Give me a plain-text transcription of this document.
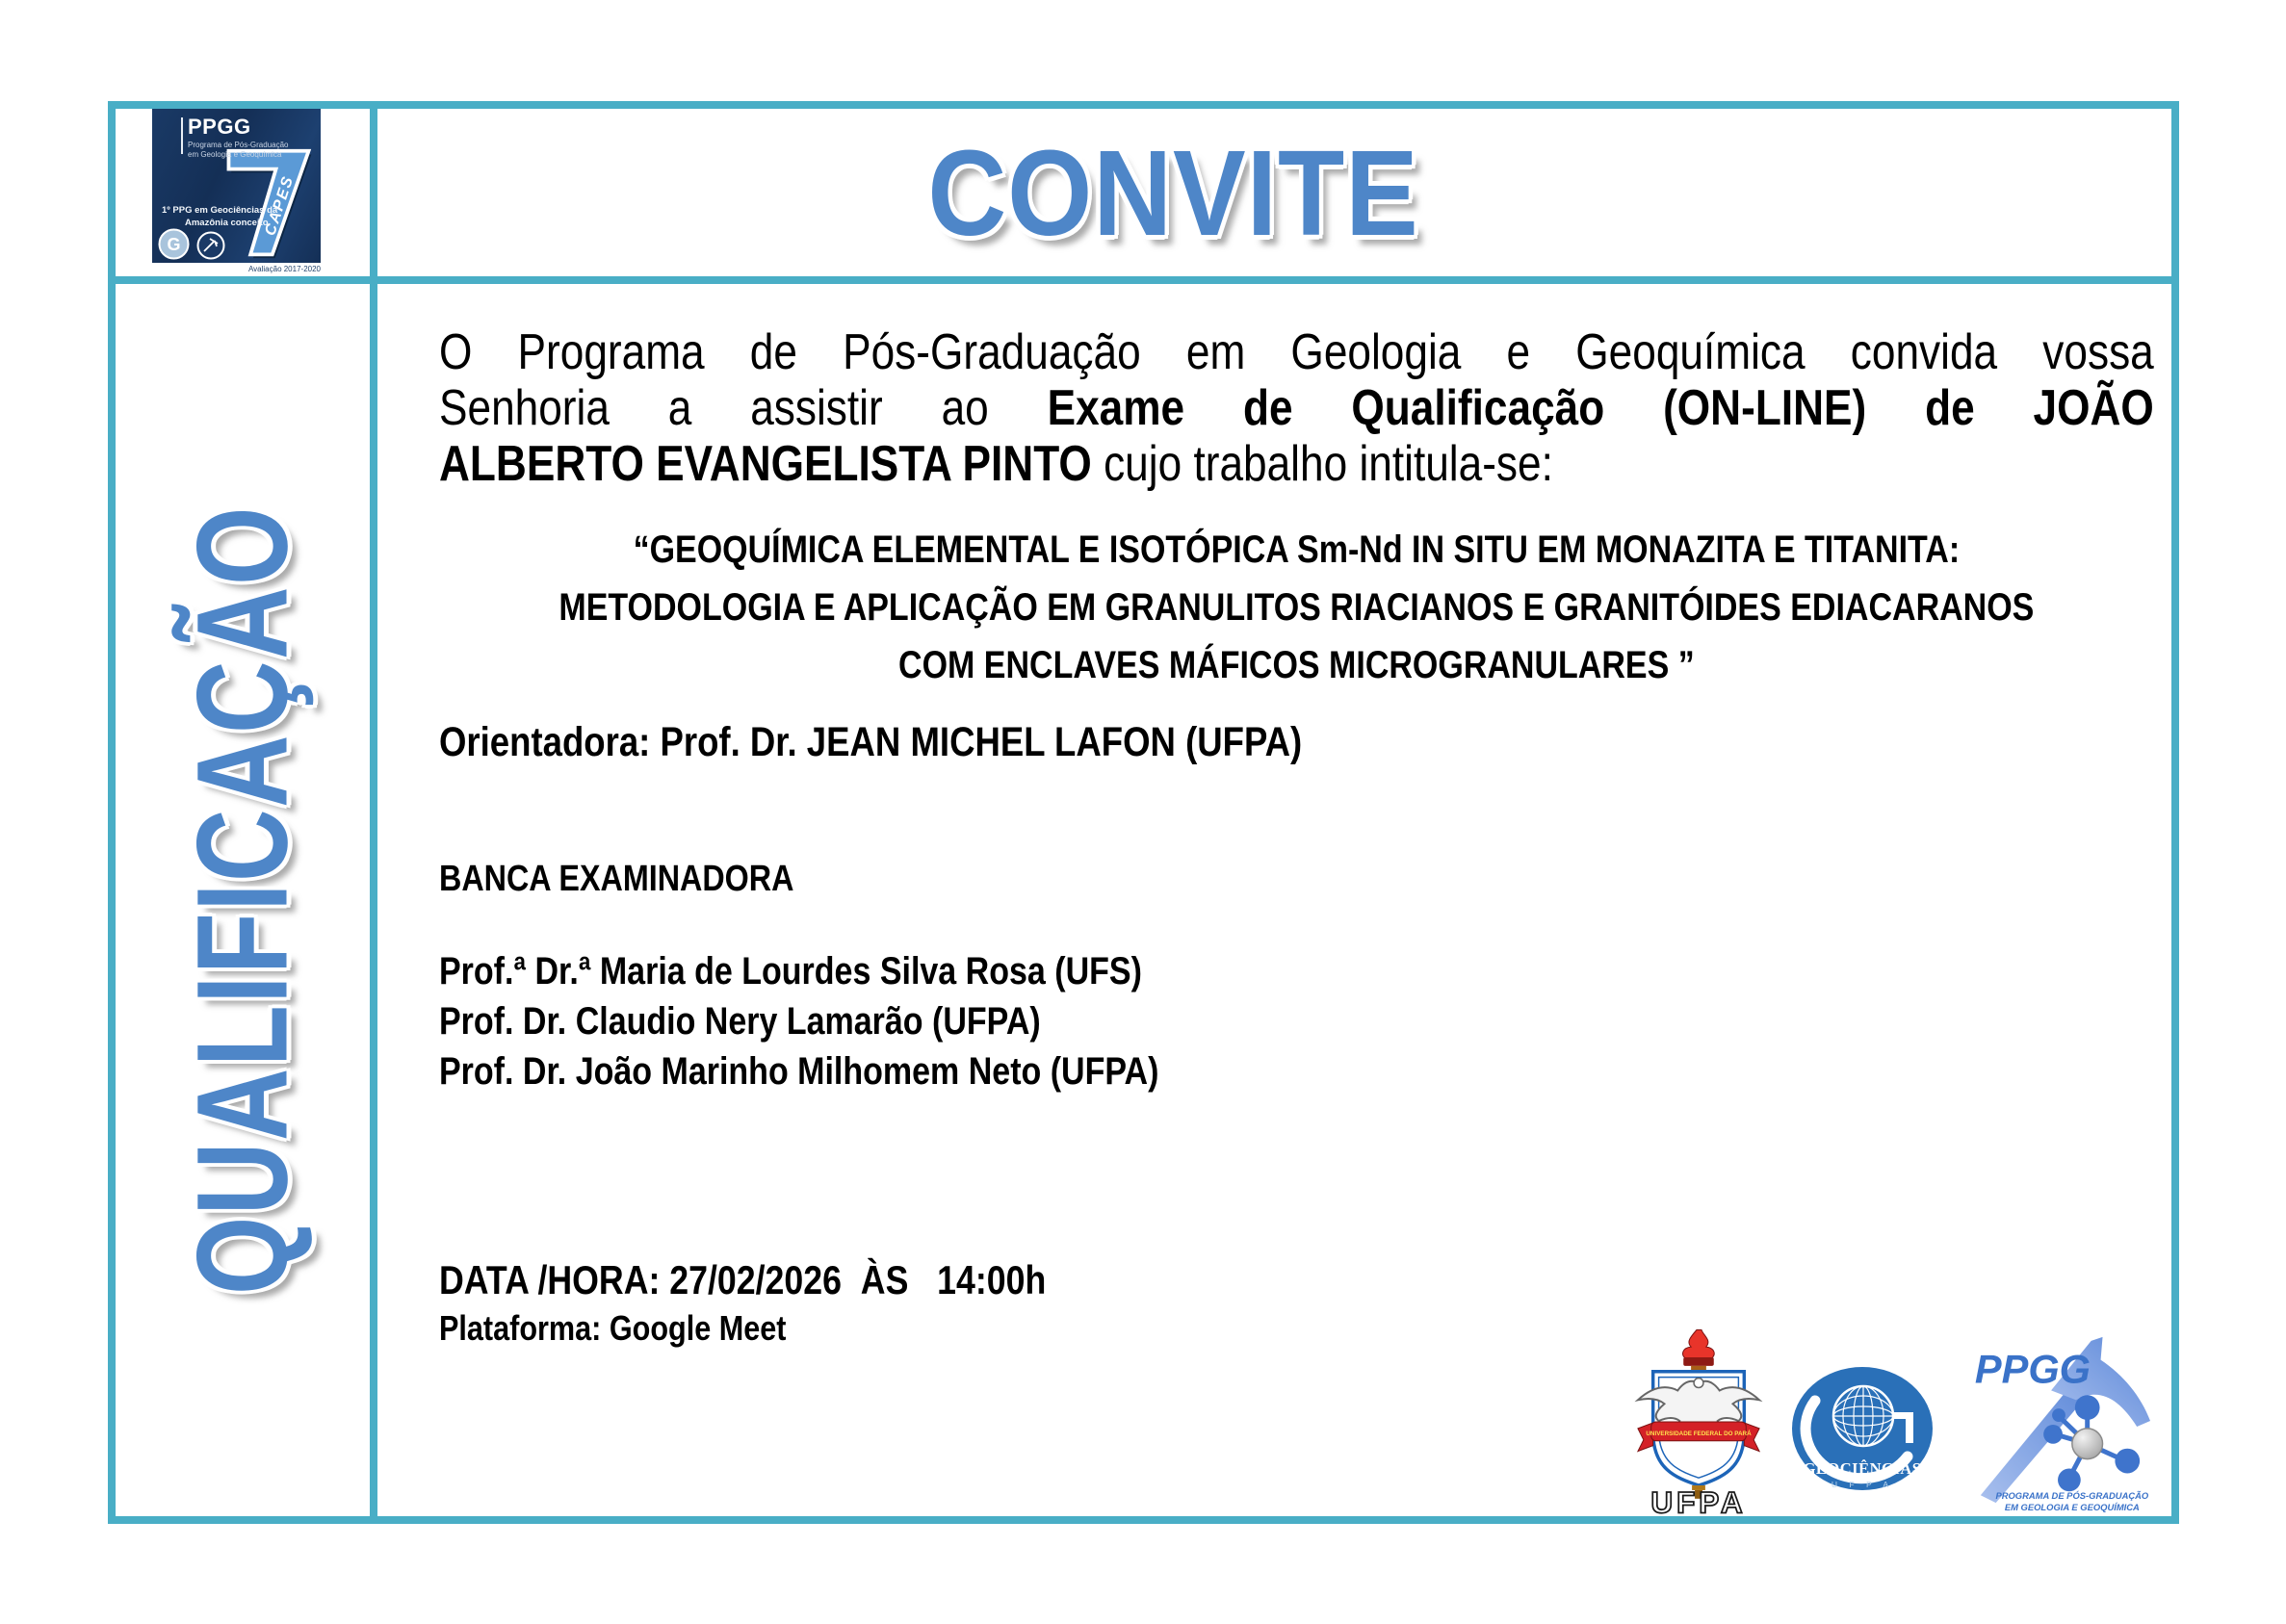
CAPES
PPGG
Programa de Pós-Graduação
em Geologia e Geoquímica
1º PPG em Geociências da
Amazônia conceito
G
Avaliação 2017-2020
CONVITE
QUALIFICAÇÃO
O Programa de Pós-Graduação em Geologia e Geoquímica convida vossa
Senhoria a assistir ao Exame de Qualificação (ON-LINE) de JOÃO
ALBERTO EVANGELISTA PINTO cujo trabalho intitula-se:
“GEOQUÍMICA ELEMENTAL E ISOTÓPICA Sm-Nd IN SITU EM MONAZITA E TITANITA:
METODOLOGIA E APLICAÇÃO EM GRANULITOS RIACIANOS E GRANITÓIDES EDIACARANOS
COM ENCLAVES MÁFICOS MICROGRANULARES ”
Orientadora: Prof. Dr. JEAN MICHEL LAFON (UFPA)
BANCA EXAMINADORA
Prof.ª Dr.ª Maria de Lourdes Silva Rosa (UFS)
Prof. Dr. Claudio Nery Lamarão (UFPA)
Prof. Dr. João Marinho Milhomem Neto (UFPA)
DATA /HORA: 27/02/2026  ÀS   14:00h
Plataforma: Google Meet
UNIVERSIDADE FEDERAL DO PARÁ
UFPA
GEOCIÊNCIAS
U F P A
PPGG
PROGRAMA DE PÓS-GRADUAÇÃO
EM GEOLOGIA E GEOQUÍMICA
